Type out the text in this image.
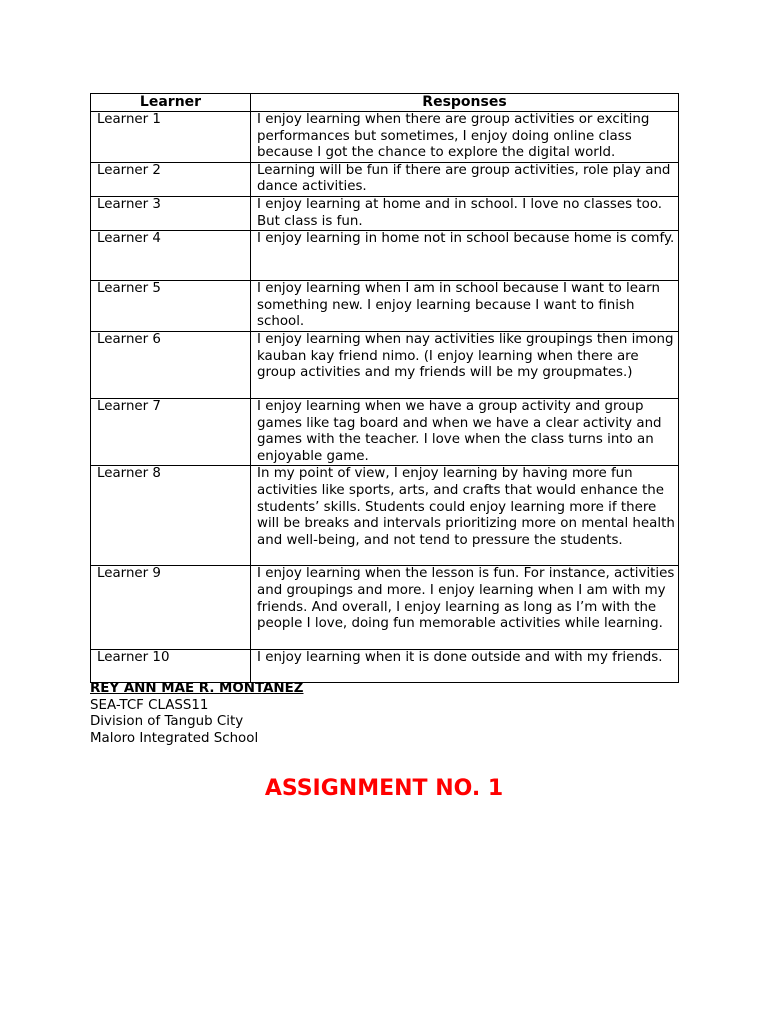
Learner	Responses
Learner 1	I enjoy learning when there are group activities or exciting performances but sometimes, I enjoy doing online class because I got the chance to explore the digital world.
Learner 2	Learning will be fun if there are group activities, role play and dance activities.
Learner 3	I enjoy learning at home and in school. I love no classes too. But class is fun.
Learner 4	I enjoy learning in home not in school because home is comfy.
Learner 5	I enjoy learning when I am in school because I want to learn something new. I enjoy learning because I want to finish school.
Learner 6	I enjoy learning when nay activities like groupings then imong kauban kay friend nimo. (I enjoy learning when there are group activities and my friends will be my groupmates.)
Learner 7	I enjoy learning when we have a group activity and group games like tag board and when we have a clear activity and games with the teacher. I love when the class turns into an enjoyable game.
Learner 8	In my point of view, I enjoy learning by having more fun activities like sports, arts, and crafts that would enhance the students’ skills. Students could enjoy learning more if there will be breaks and intervals prioritizing more on mental health and well-being, and not tend to pressure the students.
Learner 9	I enjoy learning when the lesson is fun. For instance, activities and groupings and more. I enjoy learning when I am with my friends. And overall, I enjoy learning as long as I’m with the people I love, doing fun memorable activities while learning.
Learner 10	I enjoy learning when it is done outside and with my friends.
REY ANN MAE R. MONTANEZ
SEA-TCF CLASS11
Division of Tangub City
Maloro Integrated School
ASSIGNMENT NO. 1
